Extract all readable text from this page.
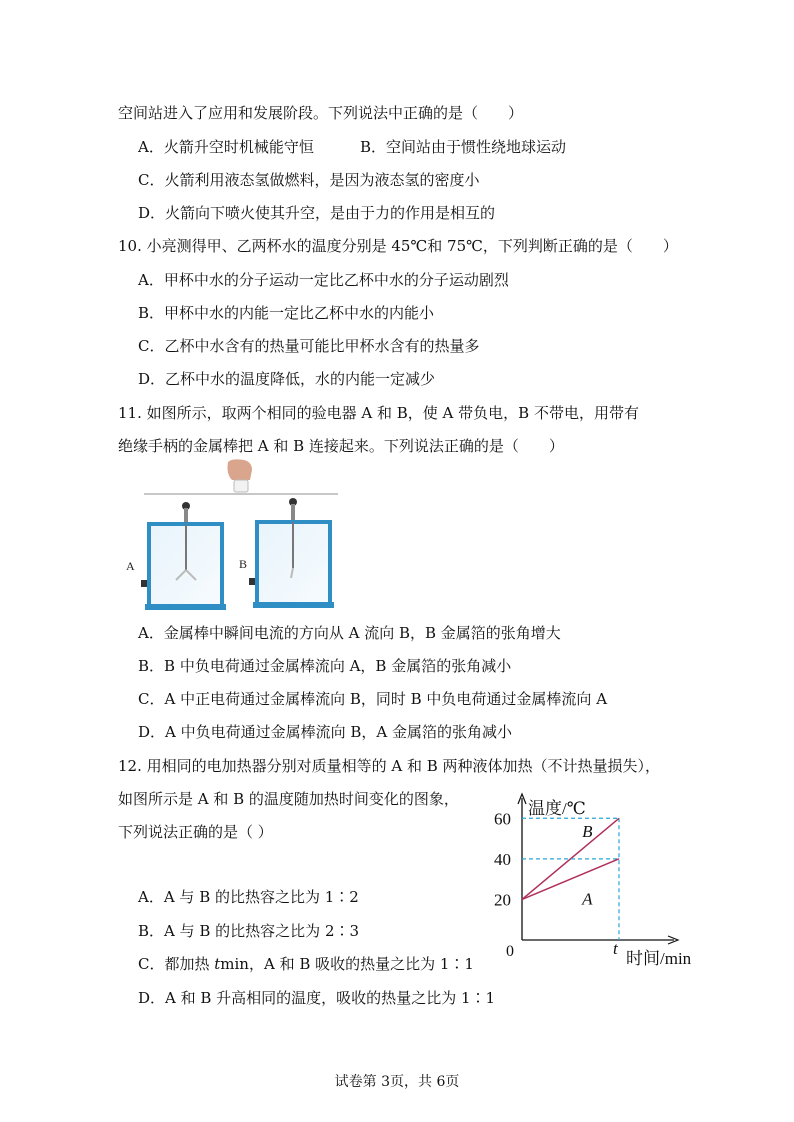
空间站进入了应用和发展阶段。下列说法中正确的是（　　）
A．火箭升空时机械能守恒	B．空间站由于惯性绕地球运动
C．火箭利用液态氢做燃料，是因为液态氢的密度小
D．火箭向下喷火使其升空，是由于力的作用是相互的
10. 小亮测得甲、乙两杯水的温度分别是 45℃和 75℃，下列判断正确的是（　　）
A．甲杯中水的分子运动一定比乙杯中水的分子运动剧烈
B．甲杯中水的内能一定比乙杯中水的内能小
C．乙杯中水含有的热量可能比甲杯水含有的热量多
D．乙杯中水的温度降低，水的内能一定减少
11. 如图所示，取两个相同的验电器 A 和 B，使 A 带负电，B 不带电，用带有
绝缘手柄的金属棒把 A 和 B 连接起来。下列说法正确的是（　　）
A	B
A．金属棒中瞬间电流的方向从 A 流向 B，B 金属箔的张角增大
B．B 中负电荷通过金属棒流向 A，B 金属箔的张角减小
C．A 中正电荷通过金属棒流向 B，同时 B 中负电荷通过金属棒流向 A
D．A 中负电荷通过金属棒流向 B，A 金属箔的张角减小
12. 用相同的电加热器分别对质量相等的 A 和 B 两种液体加热（不计热量损失），
如图所示是 A 和 B 的温度随加热时间变化的图象，
下列说法正确的是（ ）
A．A 与 B 的比热容之比为 1∶2
B．A 与 B 的比热容之比为 2∶3
C．都加热 tmin，A 和 B 吸收的热量之比为 1∶1
D．A 和 B 升高相同的温度，吸收的热量之比为 1∶1
温度/℃
时间/min
0	t
20
40
60
B
A
试卷第 3页，共 6页
